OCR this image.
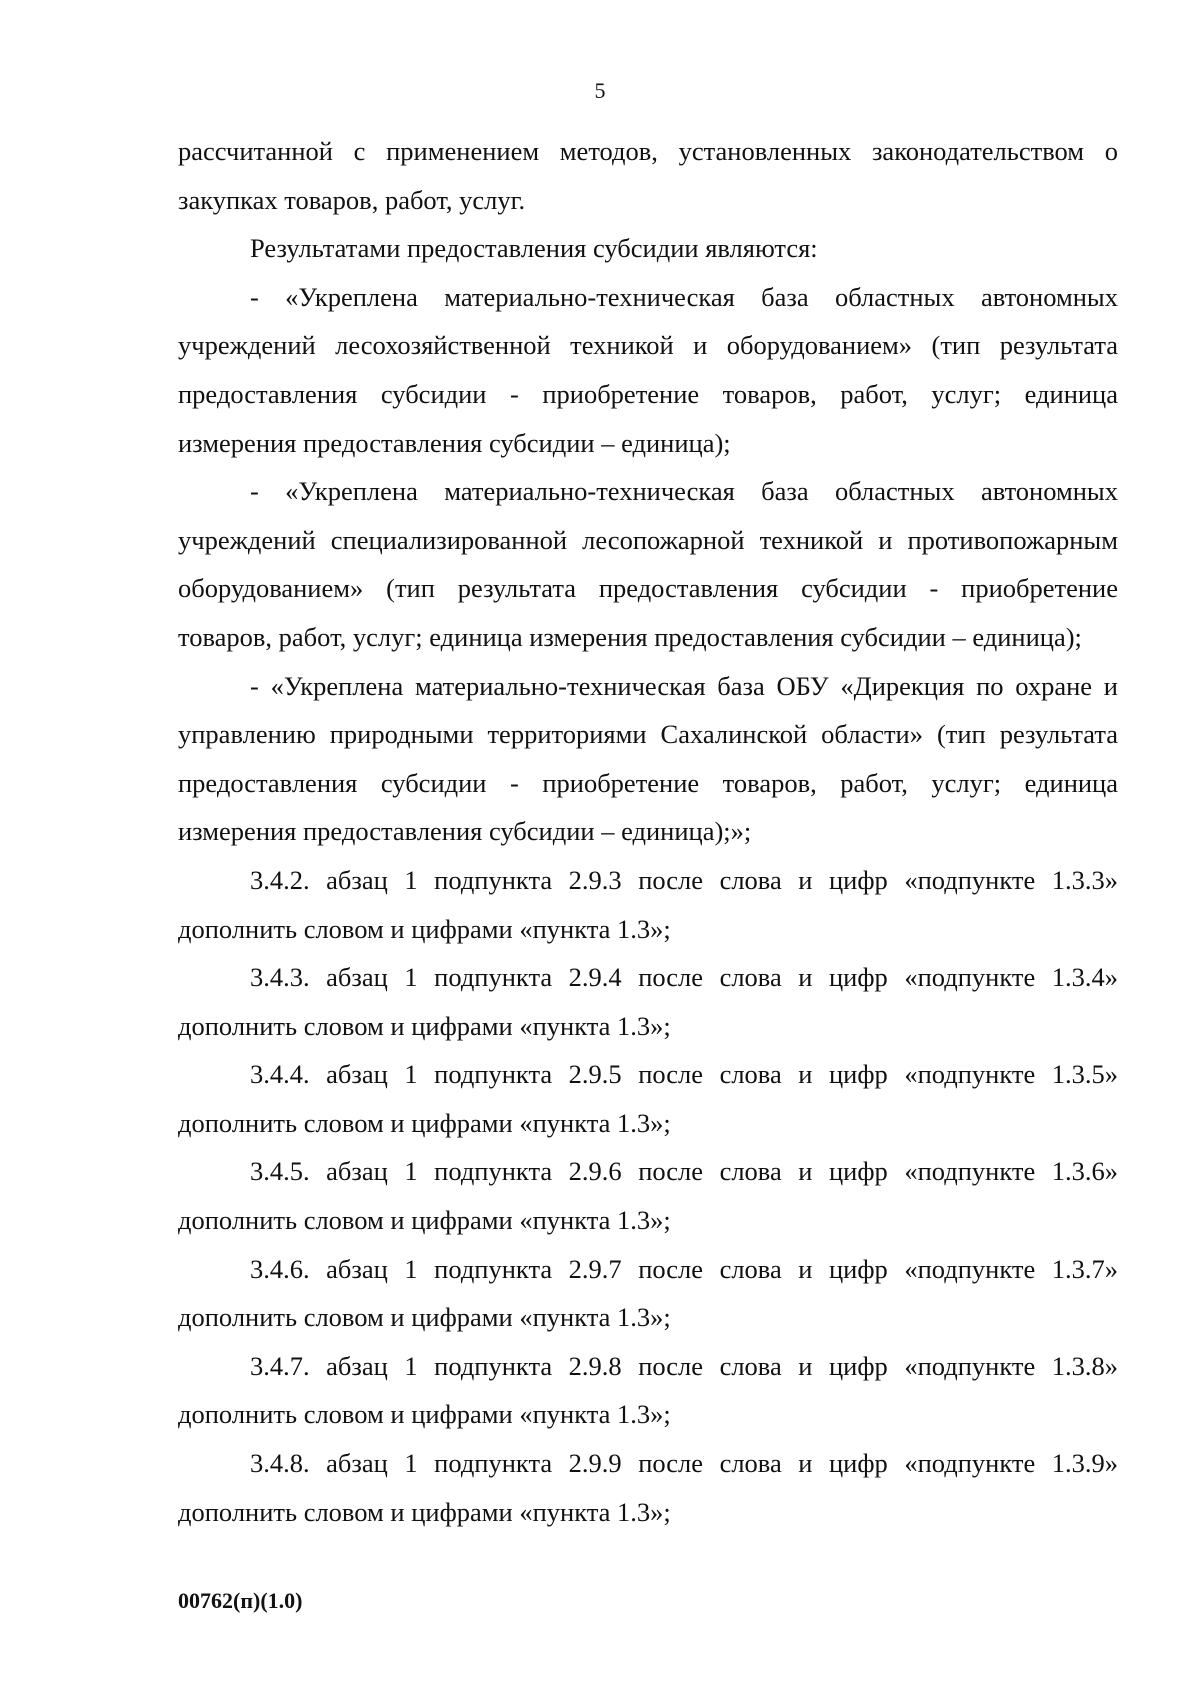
5

рассчитанной с применением методов, установленных законодательством о закупках товаров, работ, услуг.

Результатами предоставления субсидии являются:

- «Укреплена материально-техническая база областных автономных учреждений лесохозяйственной техникой и оборудованием» (тип результата предоставления субсидии - приобретение товаров, работ, услуг; единица измерения предоставления субсидии – единица);

- «Укреплена материально-техническая база областных автономных учреждений специализированной лесопожарной техникой и противопожарным оборудованием» (тип результата предоставления субсидии - приобретение товаров, работ, услуг; единица измерения предоставления субсидии – единица);

- «Укреплена материально-техническая база ОБУ «Дирекция по охране и управлению природными территориями Сахалинской области» (тип результата предоставления субсидии - приобретение товаров, работ, услуг; единица измерения предоставления субсидии – единица);»;

3.4.2. абзац 1 подпункта 2.9.3 после слова и цифр «подпункте 1.3.3» дополнить словом и цифрами «пункта 1.3»;

3.4.3. абзац 1 подпункта 2.9.4 после слова и цифр «подпункте 1.3.4» дополнить словом и цифрами «пункта 1.3»;

3.4.4. абзац 1 подпункта 2.9.5 после слова и цифр «подпункте 1.3.5» дополнить словом и цифрами «пункта 1.3»;

3.4.5. абзац 1 подпункта 2.9.6 после слова и цифр «подпункте 1.3.6» дополнить словом и цифрами «пункта 1.3»;

3.4.6. абзац 1 подпункта 2.9.7 после слова и цифр «подпункте 1.3.7» дополнить словом и цифрами «пункта 1.3»;

3.4.7. абзац 1 подпункта 2.9.8 после слова и цифр «подпункте 1.3.8» дополнить словом и цифрами «пункта 1.3»;

3.4.8. абзац 1 подпункта 2.9.9 после слова и цифр «подпункте 1.3.9» дополнить словом и цифрами «пункта 1.3»;

00762(п)(1.0)
